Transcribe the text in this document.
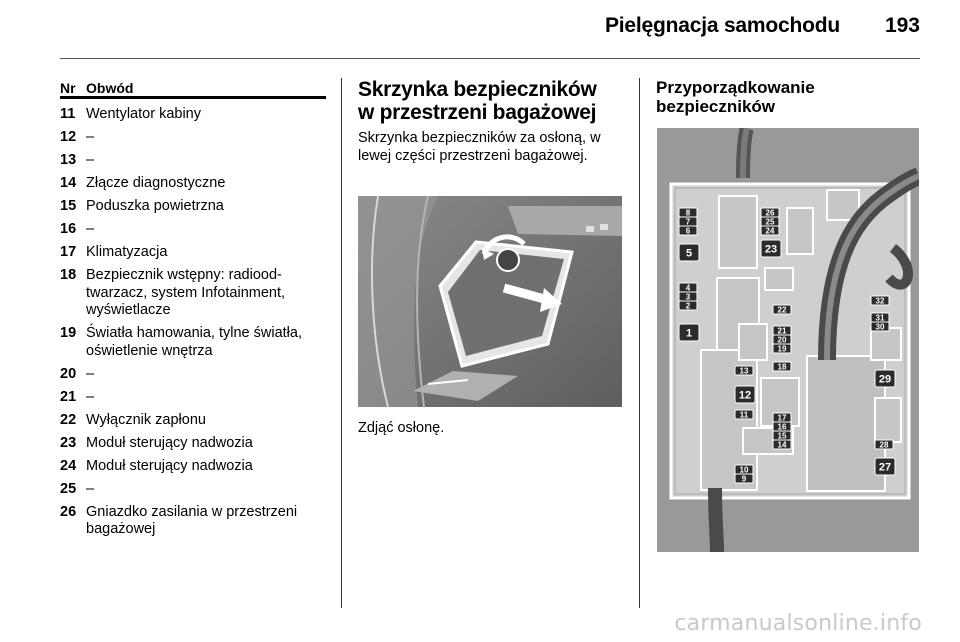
Pielęgnacja samochodu 193
Nr Obwód
11 Wentylator kabiny
12 –
13 –
14 Złącze diagnostyczne
15 Poduszka powietrzna
16 –
17 Klimatyzacja
18 Bezpiecznik wstępny: radioodtwarzacz, system Infotainment, wyświetlacze
19 Światła hamowania, tylne światła, oświetlenie wnętrza
20 –
21 –
22 Wyłącznik zapłonu
23 Moduł sterujący nadwozia
24 Moduł sterujący nadwozia
25 –
26 Gniazdko zasilania w przestrzeni bagażowej
Skrzynka bezpieczników
w przestrzeni bagażowej
Skrzynka bezpieczników za osłoną, w lewej części przestrzeni bagażowej.
Zdjąć osłonę.
Przyporządkowanie
bezpieczników
1
2
3
4
5
6
7
8
9
10
11
12
13
14
15
16
17
18
19
20
21
22
23
24
25
26
27
28
29
30
31
32
carmanualsonline.info
